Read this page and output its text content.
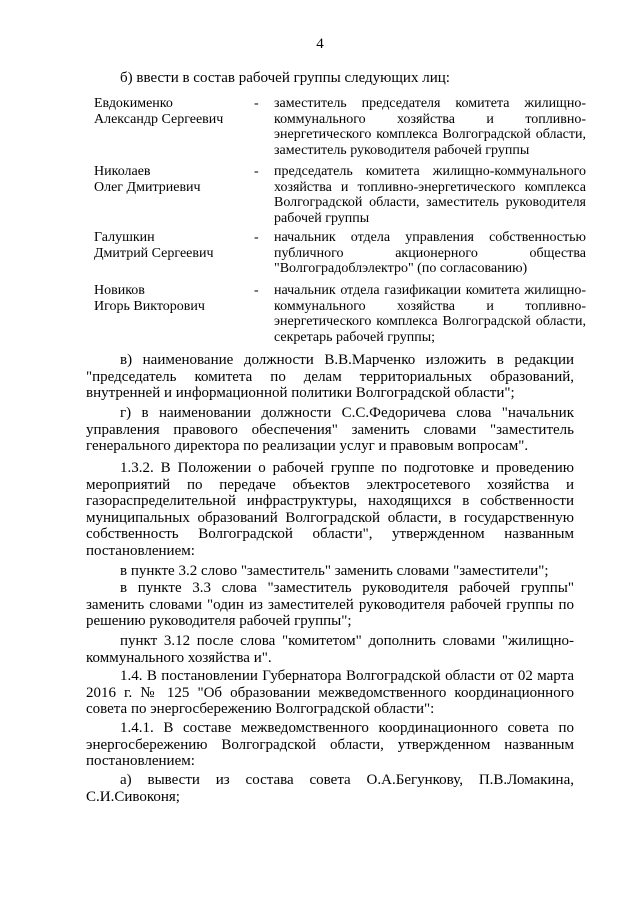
4
б) ввести в состав рабочей группы следующих лиц:
Евдокименко
Александр Сергеевич
- заместитель председателя комитета жилищно-коммунального хозяйства и топливно-энергетического комплекса Волгоградской области, заместитель руководителя рабочей группы
Николаев
Олег Дмитриевич
- председатель комитета жилищно-коммунального хозяйства и топливно-энергетического комплекса Волгоградской области, заместитель руководителя рабочей группы
Галушкин
Дмитрий Сергеевич
- начальник отдела управления собственностью публичного акционерного общества "Волгоградоблэлектро" (по согласованию)
Новиков
Игорь Викторович
- начальник отдела газификации комитета жилищно-коммунального хозяйства и топливно-энергетического комплекса Волгоградской области, секретарь рабочей группы;

в) наименование должности В.В.Марченко изложить в редакции "председатель комитета по делам территориальных образований, внутренней и информационной политики Волгоградской области";

г) в наименовании должности С.С.Федоричева слова "начальник управления правового обеспечения" заменить словами "заместитель генерального директора по реализации услуг и правовым вопросам".

1.3.2. В Положении о рабочей группе по подготовке и проведению мероприятий по передаче объектов электросетевого хозяйства и газораспределительной инфраструктуры, находящихся в собственности муниципальных образований Волгоградской области, в государственную собственность Волгоградской области", утвержденном названным постановлением:

в пункте 3.2 слово "заместитель" заменить словами "заместители";

в пункте 3.3 слова "заместитель руководителя рабочей группы" заменить словами "один из заместителей руководителя рабочей группы по решению руководителя рабочей группы";

пункт 3.12 после слова "комитетом" дополнить словами "жилищно-коммунального хозяйства и".

1.4. В постановлении Губернатора Волгоградской области от 02 марта 2016 г. № 125 "Об образовании межведомственного координационного совета по энергосбережению Волгоградской области":

1.4.1. В составе межведомственного координационного совета по энергосбережению Волгоградской области, утвержденном названным постановлением:

а) вывести из состава совета О.А.Бегункову, П.В.Ломакина, С.И.Сивоконя;
